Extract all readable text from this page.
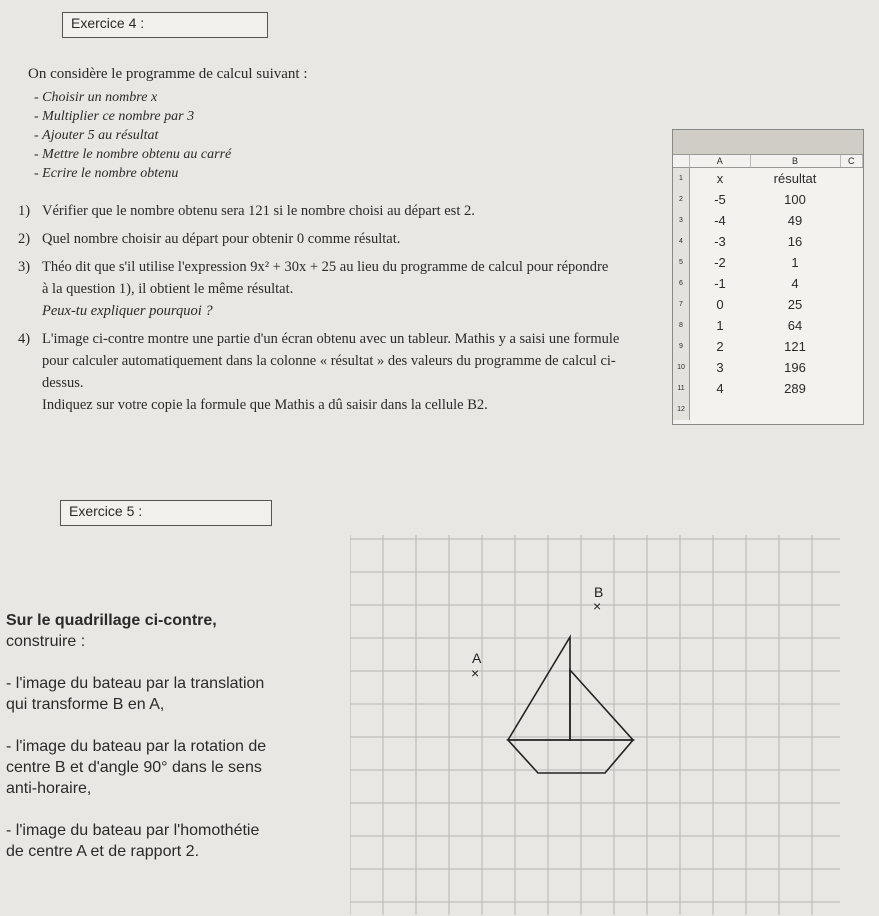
Exercice 4 :
On considère le programme de calcul suivant :
- Choisir un nombre x
- Multiplier ce nombre par 3
- Ajouter 5 au résultat
- Mettre le nombre obtenu au carré
- Ecrire le nombre obtenu
1) Vérifier que le nombre obtenu sera 121 si le nombre choisi au départ est 2.
2) Quel nombre choisir au départ pour obtenir 0 comme résultat.
3) Théo dit que s'il utilise l'expression 9x² + 30x + 25 au lieu du programme de calcul pour répondre à la question 1), il obtient le même résultat.
Peux-tu expliquer pourquoi ?
4) L'image ci-contre montre une partie d'un écran obtenu avec un tableur. Mathis y a saisi une formule pour calculer automatiquement dans la colonne « résultat » des valeurs du programme de calcul ci-dessus.
Indiquez sur votre copie la formule que Mathis a dû saisir dans la cellule B2.
	A	B	C
1	x	résultat	
2	-5	100	
3	-4	49	
4	-3	16	
5	-2	1	
6	-1	4	
7	0	25	
8	1	64	
9	2	121	
10	3	196	
11	4	289	
12			
Exercice 5 :
Sur le quadrillage ci-contre,
construire :
- l'image du bateau par la translation
qui transforme B en A,
- l'image du bateau par la rotation de
centre B et d'angle 90° dans le sens
anti-horaire,
- l'image du bateau par l'homothétie
de centre A et de rapport 2.
B
×
A
×
